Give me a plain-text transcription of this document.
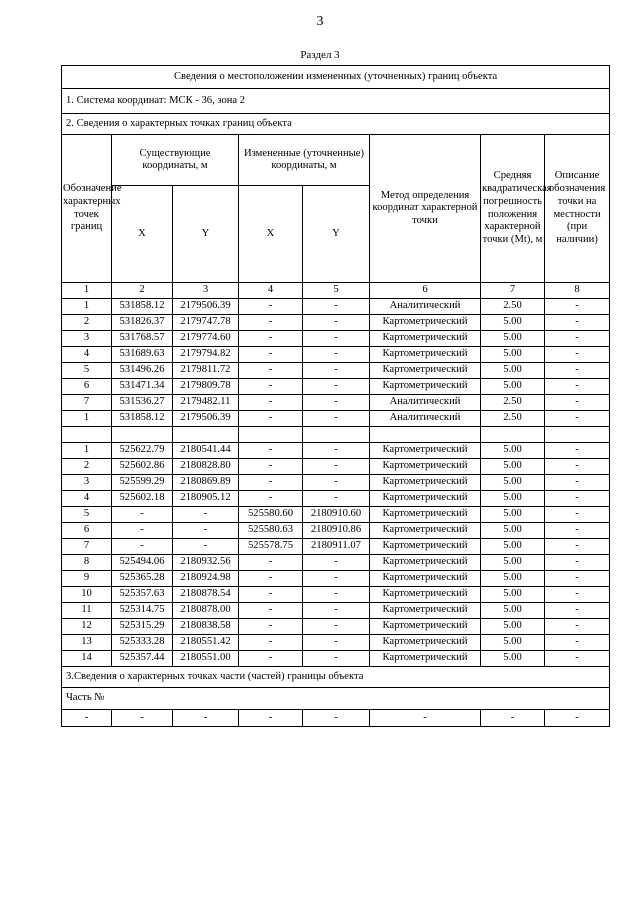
3
Раздел 3
Сведения о местоположении измененных (уточненных) границ объекта							
1. Система координат: МСК - 36, зона 2							
2. Сведения о характерных точках границ объекта							
Обозначение характерных точек границ	Существующие координаты, м		Измененные (уточненные) координаты, м		Метод определения координат характерной точки	Средняя квадратическая погрешность положения характерной точки (Mt), м	Описание обозначения точки на местности (при наличии)
	X	Y	X	Y			
1	2	3	4	5	6	7	8
1	531858.12	2179506.39	-	-	Аналитический	2.50	-
2	531826.37	2179747.78	-	-	Картометрический	5.00	-
3	531768.57	2179774.60	-	-	Картометрический	5.00	-
4	531689.63	2179794.82	-	-	Картометрический	5.00	-
5	531496.26	2179811.72	-	-	Картометрический	5.00	-
6	531471.34	2179809.78	-	-	Картометрический	5.00	-
7	531536.27	2179482.11	-	-	Аналитический	2.50	-
1	531858.12	2179506.39	-	-	Аналитический	2.50	-

1	525622.79	2180541.44	-	-	Картометрический	5.00	-
2	525602.86	2180828.80	-	-	Картометрический	5.00	-
3	525599.29	2180869.89	-	-	Картометрический	5.00	-
4	525602.18	2180905.12	-	-	Картометрический	5.00	-
5	-	-	525580.60	2180910.60	Картометрический	5.00	-
6	-	-	525580.63	2180910.86	Картометрический	5.00	-
7	-	-	525578.75	2180911.07	Картометрический	5.00	-
8	525494.06	2180932.56	-	-	Картометрический	5.00	-
9	525365.28	2180924.98	-	-	Картометрический	5.00	-
10	525357.63	2180878.54	-	-	Картометрический	5.00	-
11	525314.75	2180878.00	-	-	Картометрический	5.00	-
12	525315.29	2180838.58	-	-	Картометрический	5.00	-
13	525333.28	2180551.42	-	-	Картометрический	5.00	-
14	525357.44	2180551.00	-	-	Картометрический	5.00	-
3.Сведения о характерных точках части (частей) границы объекта							
Часть №							
-	-	-	-	-	-	-	-
